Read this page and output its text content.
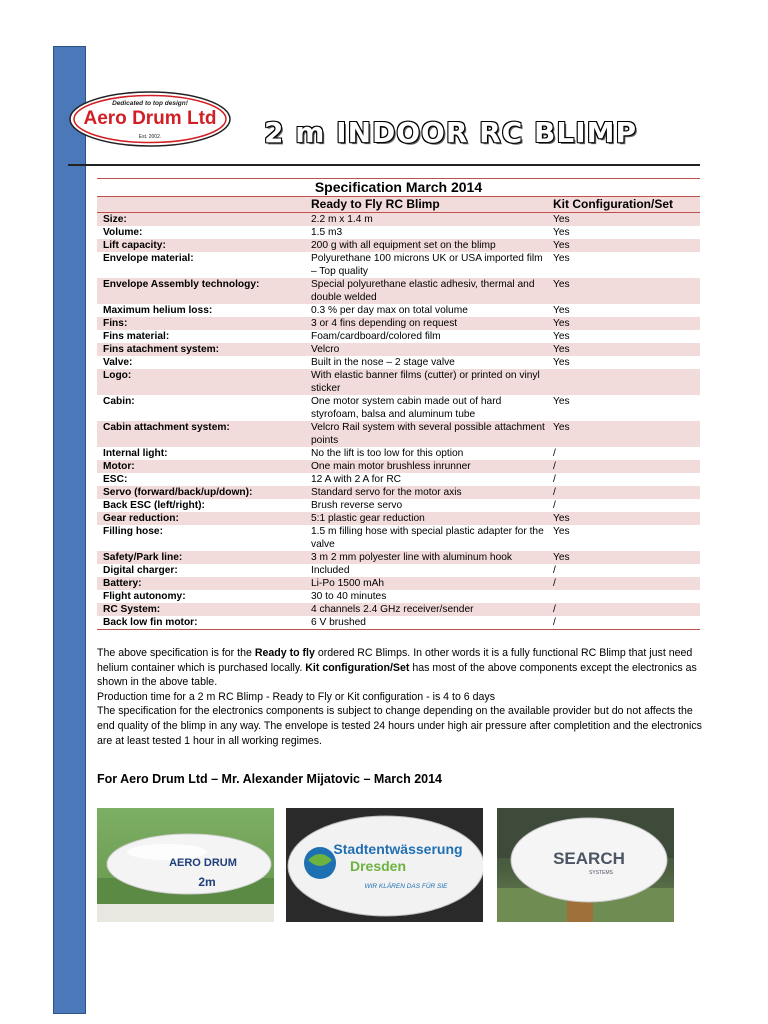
Dedicated to top design!
Aero Drum Ltd
Est. 2002.	2 m INDOOR RC BLIMP
Specification March 2014		
	Ready to Fly RC Blimp	Kit Configuration/Set
Size:	2.2 m x 1.4 m	Yes
Volume:	1.5 m3	Yes
Lift capacity:	200 g with all equipment set on the blimp	Yes
Envelope material:	Polyurethane 100 microns UK or USA imported film – Top quality	Yes
Envelope Assembly technology:	Special polyurethane elastic adhesiv, thermal and double welded	Yes
Maximum helium loss:	0.3 % per day max on total volume	Yes
Fins:	3 or 4 fins depending on request	Yes
Fins material:	Foam/cardboard/colored film	Yes
Fins atachment system:	Velcro	Yes
Valve:	Built in the nose – 2 stage valve	Yes
Logo:	With elastic banner films (cutter) or printed on vinyl sticker	
Cabin:	One motor system cabin made out of hard styrofoam, balsa and aluminum tube	Yes
Cabin attachment system:	Velcro Rail system with several possible attachment points	Yes
Internal light:	No the lift is too low for this option	/
Motor:	One main motor brushless inrunner	/
ESC:	12 A with 2 A for RC	/
Servo (forward/back/up/down):	Standard servo for the motor axis	/
Back ESC (left/right):	Brush reverse servo	/
Gear reduction:	5:1 plastic gear reduction	Yes
Filling hose:	1.5 m filling hose with special plastic adapter for the valve	Yes
Safety/Park line:	3 m 2 mm polyester line with aluminum hook	Yes
Digital charger:	Included	/
Battery:	Li-Po 1500 mAh	/
Flight autonomy:	30 to 40 minutes	
RC System:	4 channels 2.4 GHz receiver/sender	/
Back low fin motor:	6 V brushed	/

The above specification is for the Ready to fly ordered RC Blimps. In other words it is a fully functional RC Blimp that just need helium container which is purchased locally. Kit configuration/Set has most of the above components except the electronics as shown in the above table.

Production time for a 2 m RC Blimp - Ready to Fly or Kit configuration - is 4 to 6 days

The specification for the electronics components is subject to change depending on the available provider but do not affects the end quality of the blimp in any way. The envelope is tested 24 hours under high air pressure after completition and the electronics are at least tested 1 hour in all working regimes.

For Aero Drum Ltd – Mr. Alexander Mijatovic – March 2014
AERO DRUM
2m
Stadtentwässerung
Dresden
WIR KLÄREN DAS FÜR SIE
SEARCH
SYSTEMS
